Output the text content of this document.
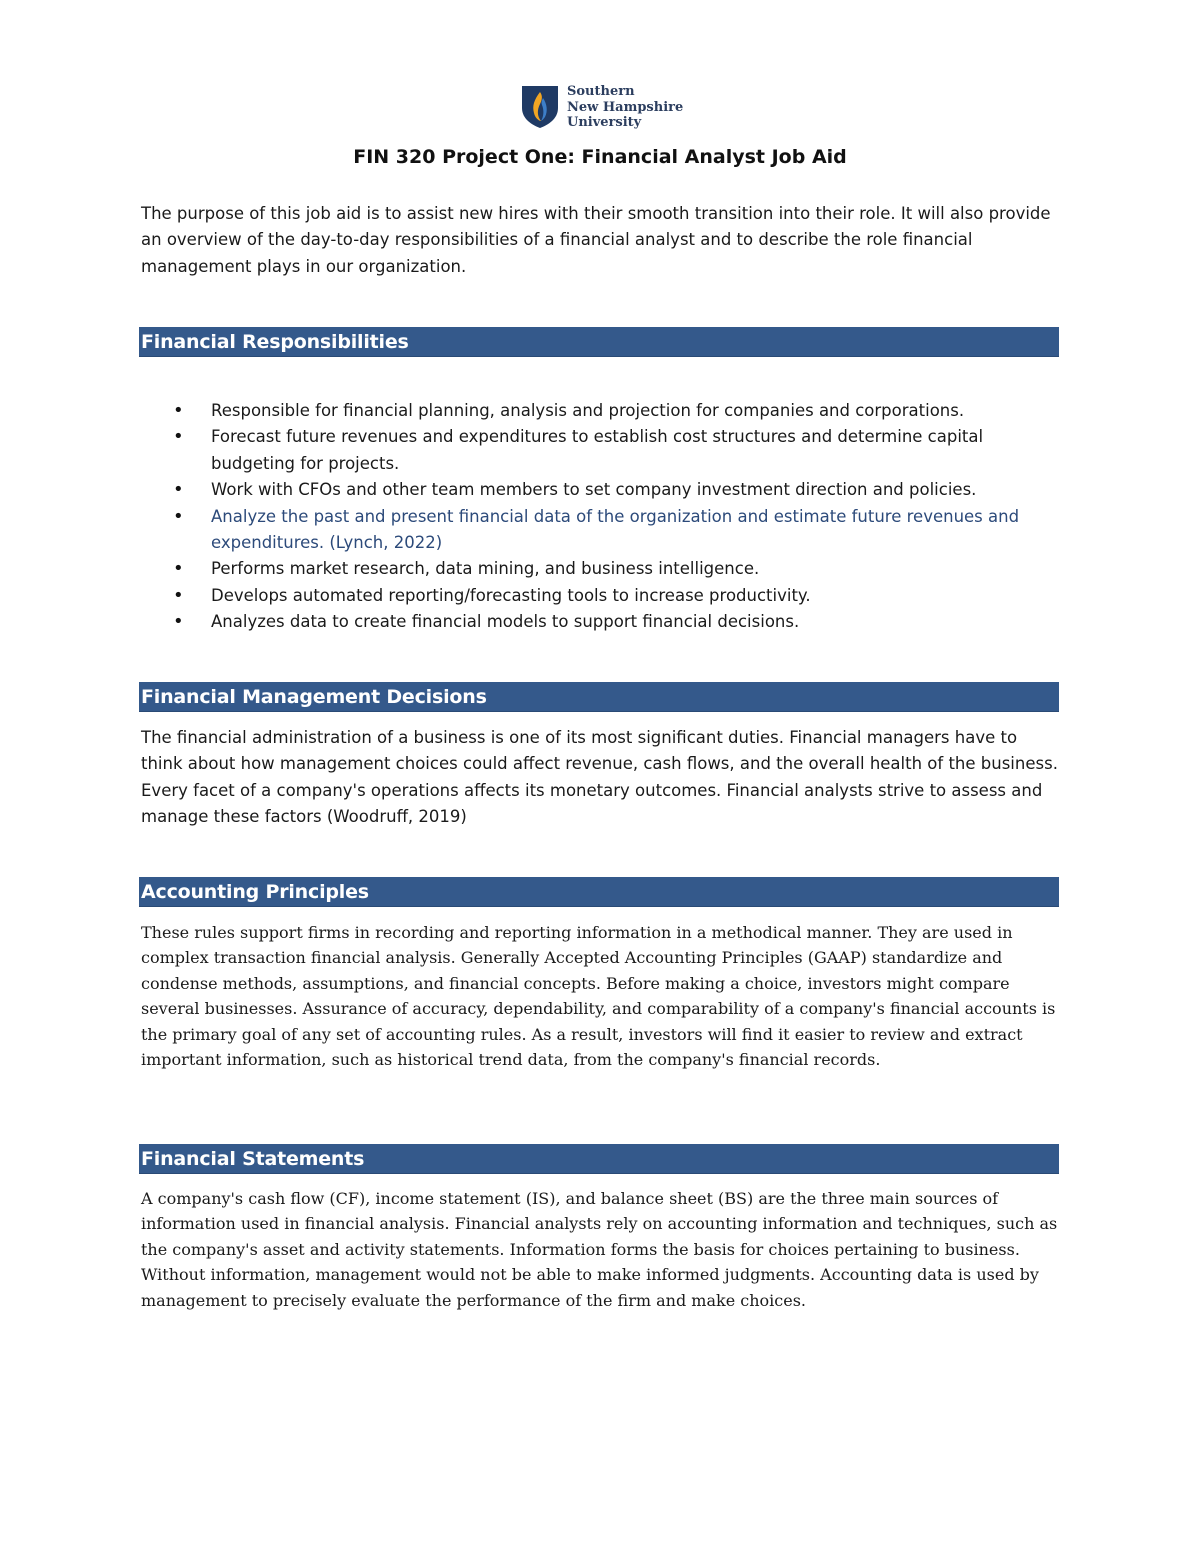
Southern
New Hampshire
University
FIN 320 Project One: Financial Analyst Job Aid

The purpose of this job aid is to assist new hires with their smooth transition into their role. It will also provide an overview of the day-to-day responsibilities of a financial analyst and to describe the role financial management plays in our organization.

Financial Responsibilities
• Responsible for financial planning, analysis and projection for companies and corporations.
• Forecast future revenues and expenditures to establish cost structures and determine capital budgeting for projects.
• Work with CFOs and other team members to set company investment direction and policies.
• Analyze the past and present financial data of the organization and estimate future revenues and expenditures. (Lynch, 2022)
• Performs market research, data mining, and business intelligence.
• Develops automated reporting/forecasting tools to increase productivity.
• Analyzes data to create financial models to support financial decisions.
Financial Management Decisions

The financial administration of a business is one of its most significant duties. Financial managers have to think about how management choices could affect revenue, cash flows, and the overall health of the business. Every facet of a company's operations affects its monetary outcomes. Financial analysts strive to assess and manage these factors (Woodruff, 2019)

Accounting Principles

These rules support firms in recording and reporting information in a methodical manner. They are used in complex transaction financial analysis. Generally Accepted Accounting Principles (GAAP) standardize and condense methods, assumptions, and financial concepts. Before making a choice, investors might compare several businesses. Assurance of accuracy, dependability, and comparability of a company's financial accounts is the primary goal of any set of accounting rules. As a result, investors will find it easier to review and extract important information, such as historical trend data, from the company's financial records.

Financial Statements

A company's cash flow (CF), income statement (IS), and balance sheet (BS) are the three main sources of information used in financial analysis. Financial analysts rely on accounting information and techniques, such as the company's asset and activity statements. Information forms the basis for choices pertaining to business. Without information, management would not be able to make informed judgments. Accounting data is used by management to precisely evaluate the performance of the firm and make choices.
